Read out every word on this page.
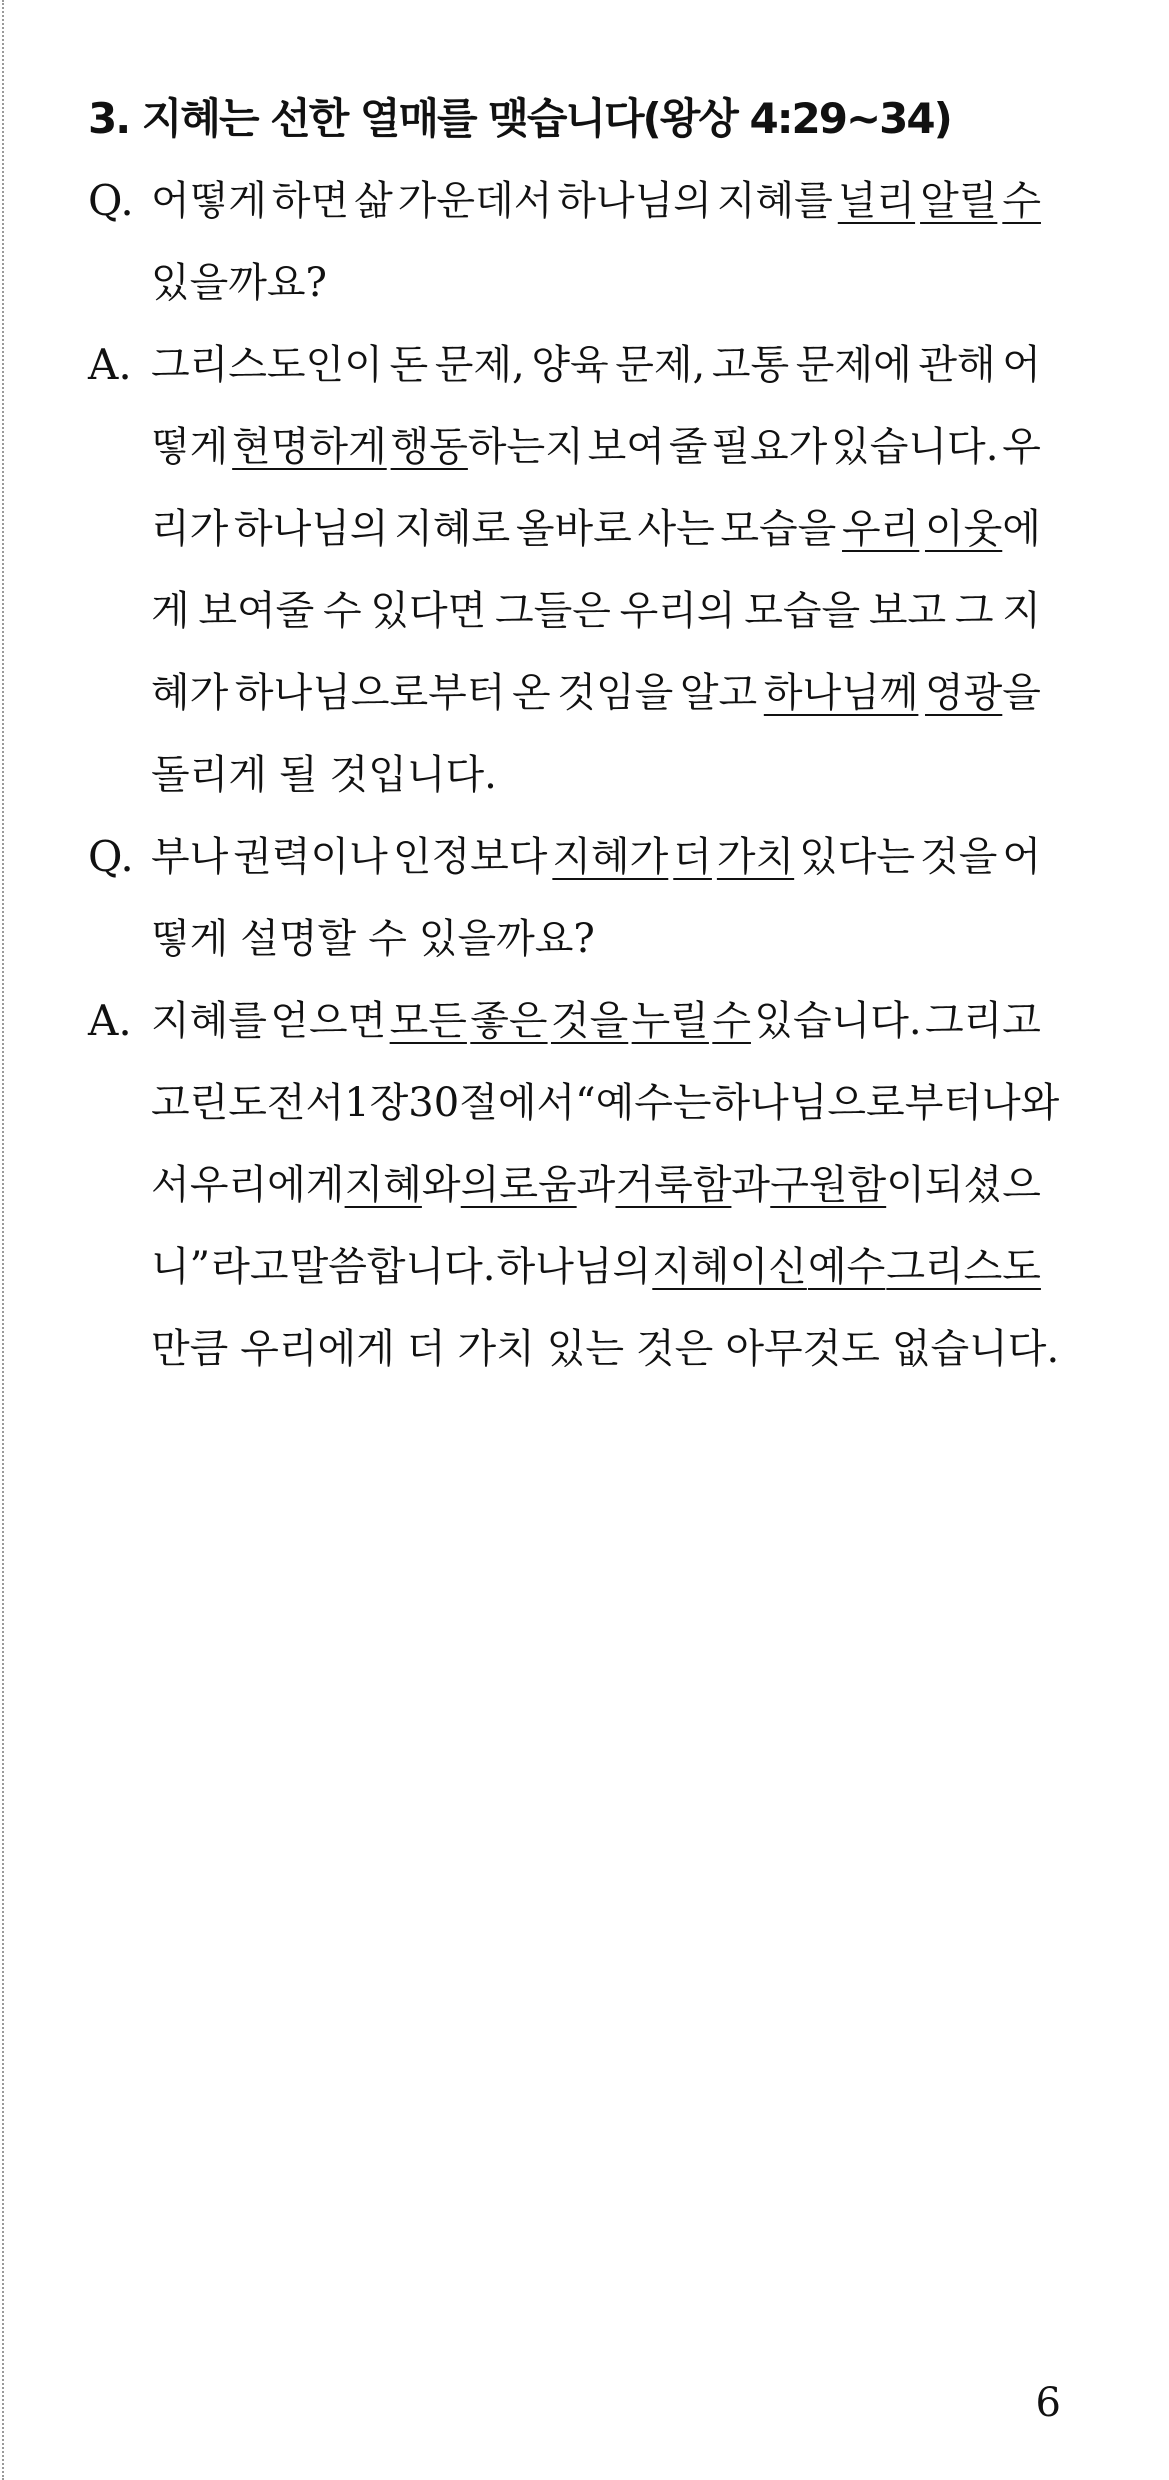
3. 지혜는 선한 열매를 맺습니다(왕상 4:29~34)
Q. 어떻게 하면 삶 가운데서 하나님의 지혜를 널리 알릴 수
있을까요?
A. 그리스도인이 돈 문제, 양육 문제, 고통 문제에 관해 어
떻게 현명하게 행동하는지 보여 줄 필요가 있습니다. 우
리가 하나님의 지혜로 올바로 사는 모습을 우리 이웃에
게 보여줄 수 있다면 그들은 우리의 모습을 보고 그 지
혜가 하나님으로부터 온 것임을 알고 하나님께 영광을
돌리게 될 것입니다.
Q. 부나 권력이나 인정보다 지혜가 더 가치 있다는 것을 어
떻게 설명할 수 있을까요?
A. 지혜를 얻으면 모든 좋은 것을 누릴 수 있습니다. 그리고
고린도전서 1장 30절에서 “예수는 하나님으로부터 나와
서 우리에게 지혜와 의로움과 거룩함과 구원함이 되셨으
니” 라고 말씀합니다. 하나님의 지혜이신 예수 그리스도
만큼 우리에게 더 가치 있는 것은 아무것도 없습니다.
6
